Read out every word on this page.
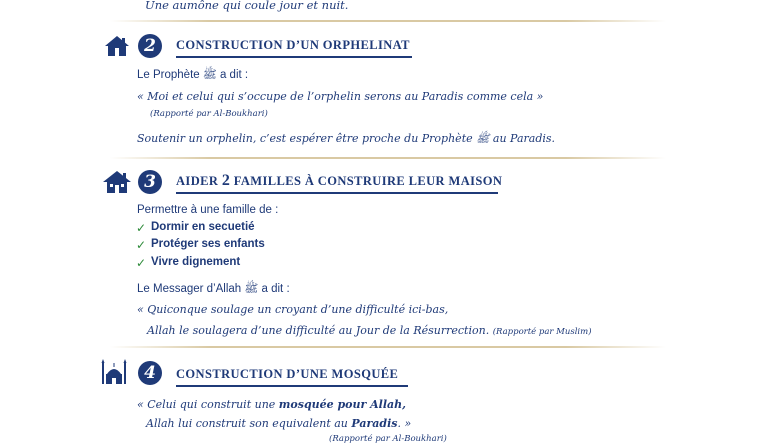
Une aumône qui coule jour et nuit.
2	CONSTRUCTION D’UN ORPHELINAT
Le Prophète ﷺ a dit :
« Moi et celui qui s’occupe de l’orphelin serons au Paradis comme cela »
(Rapporté par Al-Boukhari)
Soutenir un orphelin, c’est espérer être proche du Prophète ﷺ au Paradis.
3	AIDER 2 FAMILLES À CONSTRUIRE LEUR MAISON
Permettre à une famille de :
✓ Dormir en secuetié
✓ Protéger ses enfants
✓ Vivre dignement
Le Messager d’Allah ﷺ a dit :
« Quiconque soulage un croyant d’une difficulté ici-bas,
Allah le soulagera d’une difficulté au Jour de la Résurrection. (Rapporté par Muslim)
4	CONSTRUCTION D’UNE MOSQUÉE
« Celui qui construit une mosquée pour Allah,
Allah lui construit son equivalent au Paradis. »
(Rapporté par Al-Boukhari)
